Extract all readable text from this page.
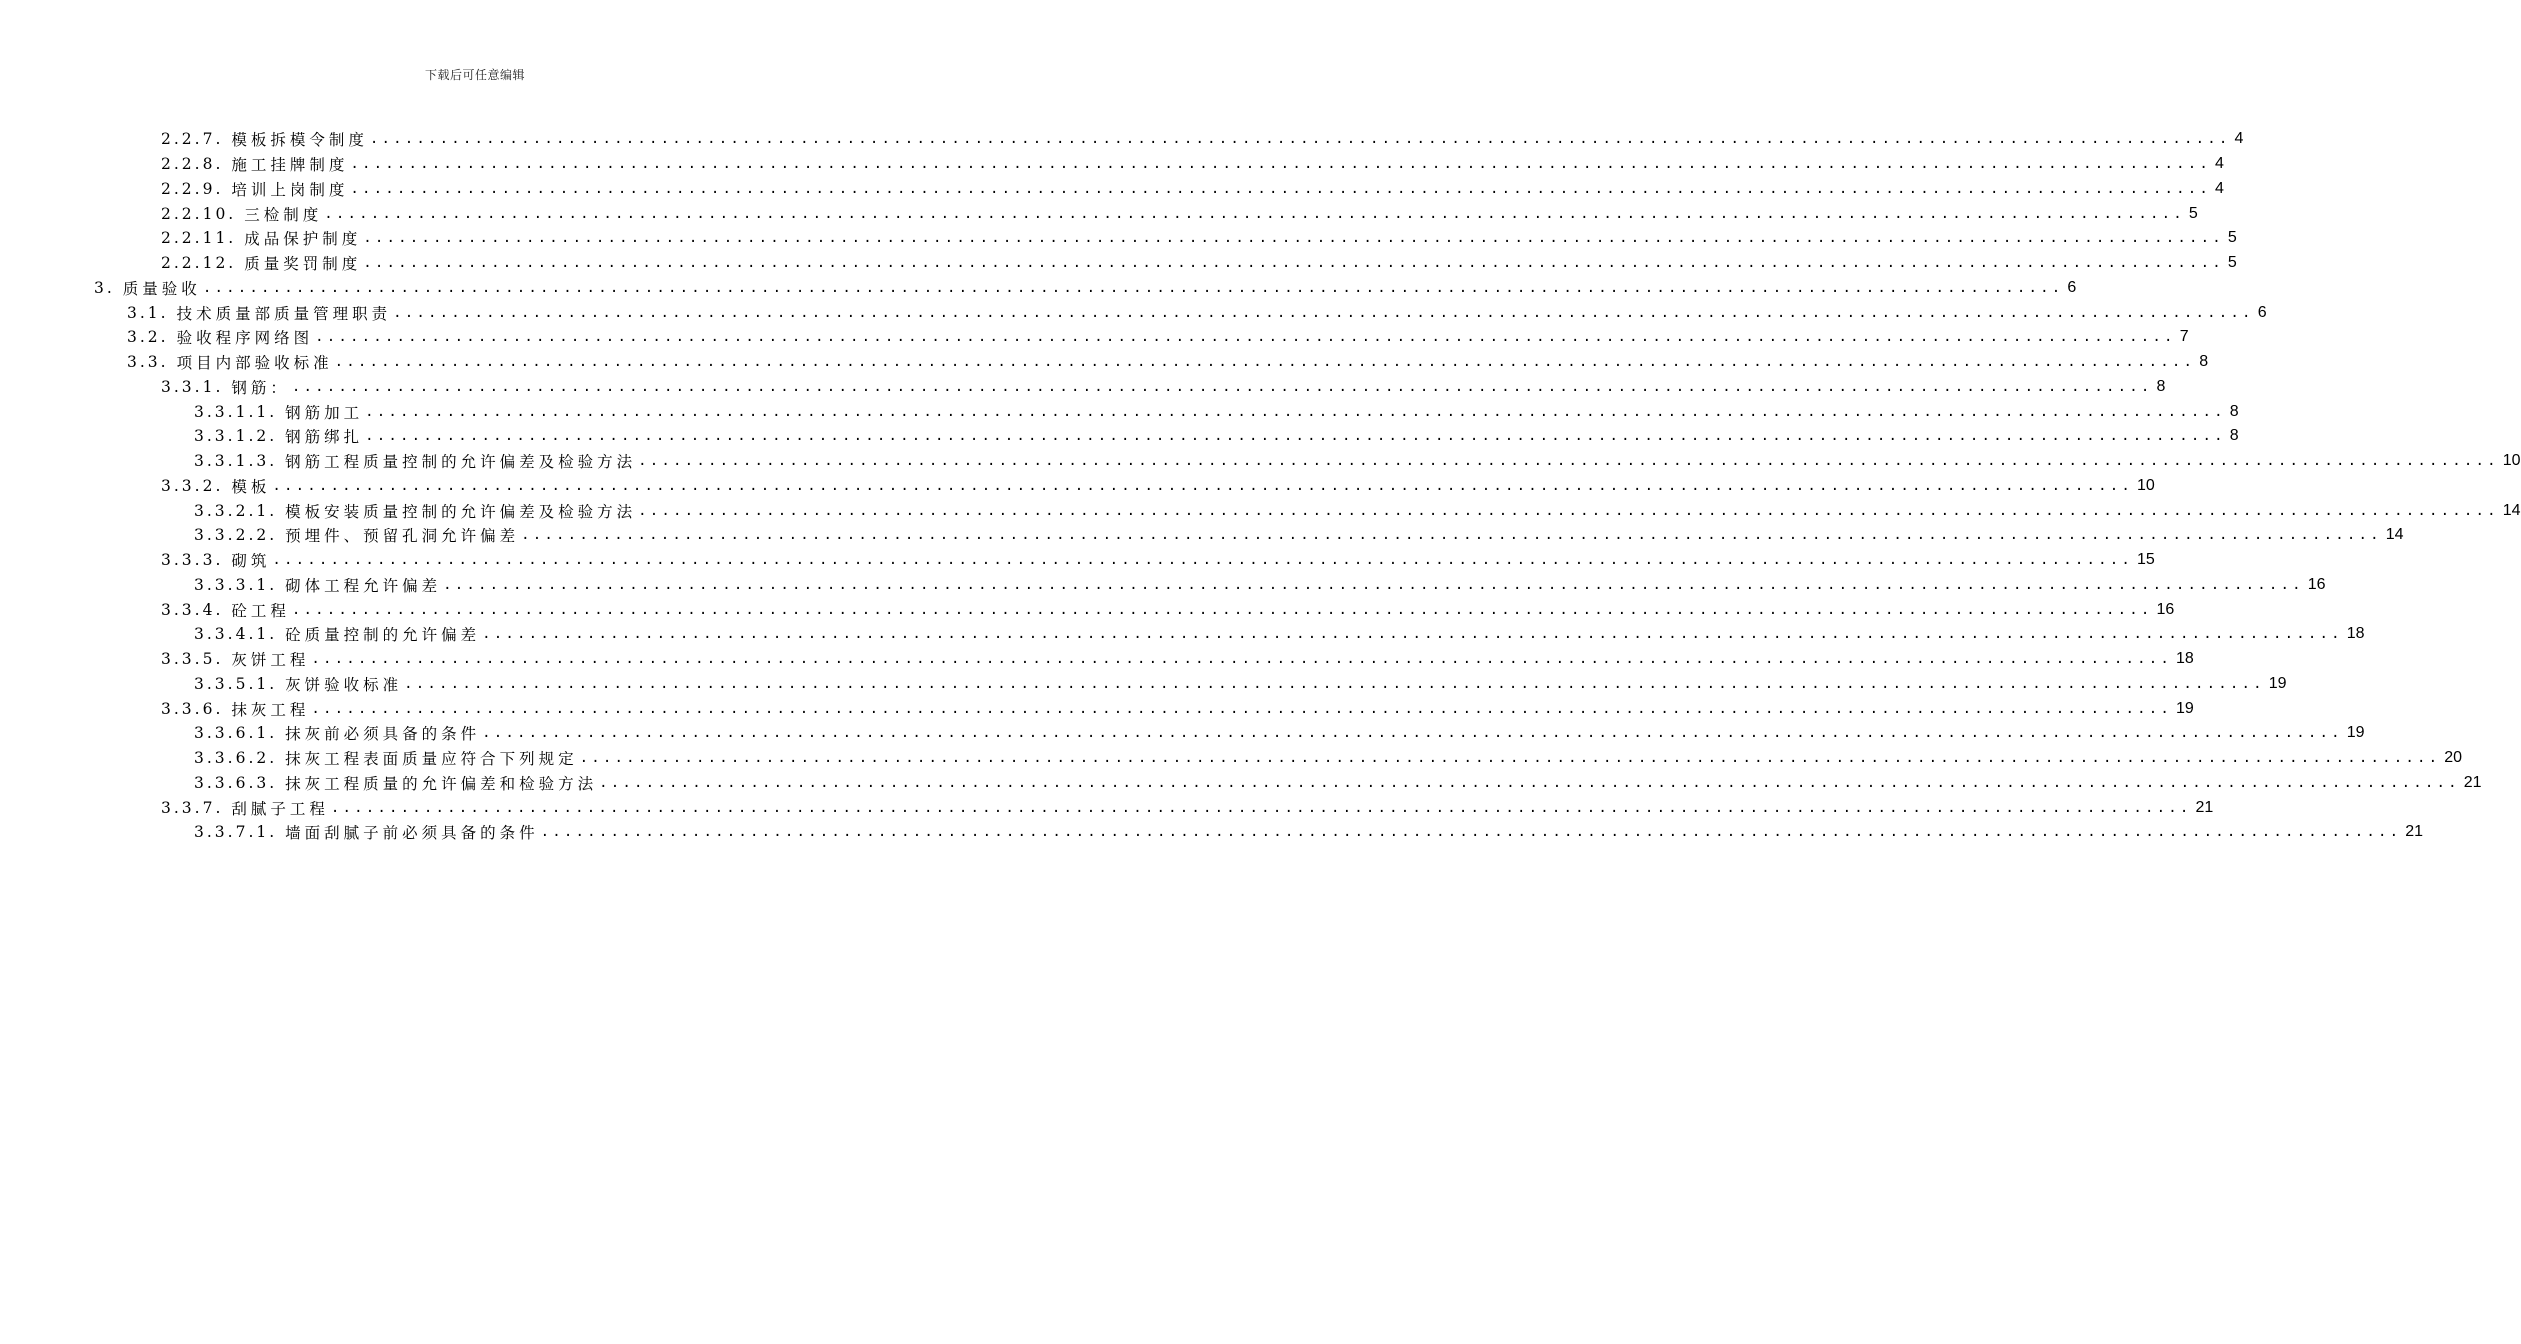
下载后可任意编辑
2.2.7. 模板拆模令制度 ................................................................................................................................................................ 4
2.2.8. 施工挂牌制度 ................................................................................................................................................................ 4
2.2.9. 培训上岗制度 ................................................................................................................................................................ 4
2.2.10. 三检制度 ................................................................................................................................................................ 5
2.2.11. 成品保护制度 ................................................................................................................................................................ 5
2.2.12. 质量奖罚制度 ................................................................................................................................................................ 5
3. 质量验收 ................................................................................................................................................................ 6
3.1. 技术质量部质量管理职责 ................................................................................................................................................................ 6
3.2. 验收程序网络图 ................................................................................................................................................................ 7
3.3. 项目内部验收标准 ................................................................................................................................................................ 8
3.3.1. 钢筋： ................................................................................................................................................................ 8
3.3.1.1. 钢筋加工 ................................................................................................................................................................ 8
3.3.1.2. 钢筋绑扎 ................................................................................................................................................................ 8
3.3.1.3. 钢筋工程质量控制的允许偏差及检验方法 ................................................................................................................................................................ 10
3.3.2. 模板 ................................................................................................................................................................ 10
3.3.2.1. 模板安装质量控制的允许偏差及检验方法 ................................................................................................................................................................ 14
3.3.2.2. 预埋件、预留孔洞允许偏差 ................................................................................................................................................................ 14
3.3.3. 砌筑 ................................................................................................................................................................ 15
3.3.3.1. 砌体工程允许偏差 ................................................................................................................................................................ 16
3.3.4. 砼工程 ................................................................................................................................................................ 16
3.3.4.1. 砼质量控制的允许偏差 ................................................................................................................................................................ 18
3.3.5. 灰饼工程 ................................................................................................................................................................ 18
3.3.5.1. 灰饼验收标准 ................................................................................................................................................................ 19
3.3.6. 抹灰工程 ................................................................................................................................................................ 19
3.3.6.1. 抹灰前必须具备的条件 ................................................................................................................................................................ 19
3.3.6.2. 抹灰工程表面质量应符合下列规定 ................................................................................................................................................................ 20
3.3.6.3. 抹灰工程质量的允许偏差和检验方法 ................................................................................................................................................................ 21
3.3.7. 刮腻子工程 ................................................................................................................................................................ 21
3.3.7.1. 墙面刮腻子前必须具备的条件 ................................................................................................................................................................ 21
